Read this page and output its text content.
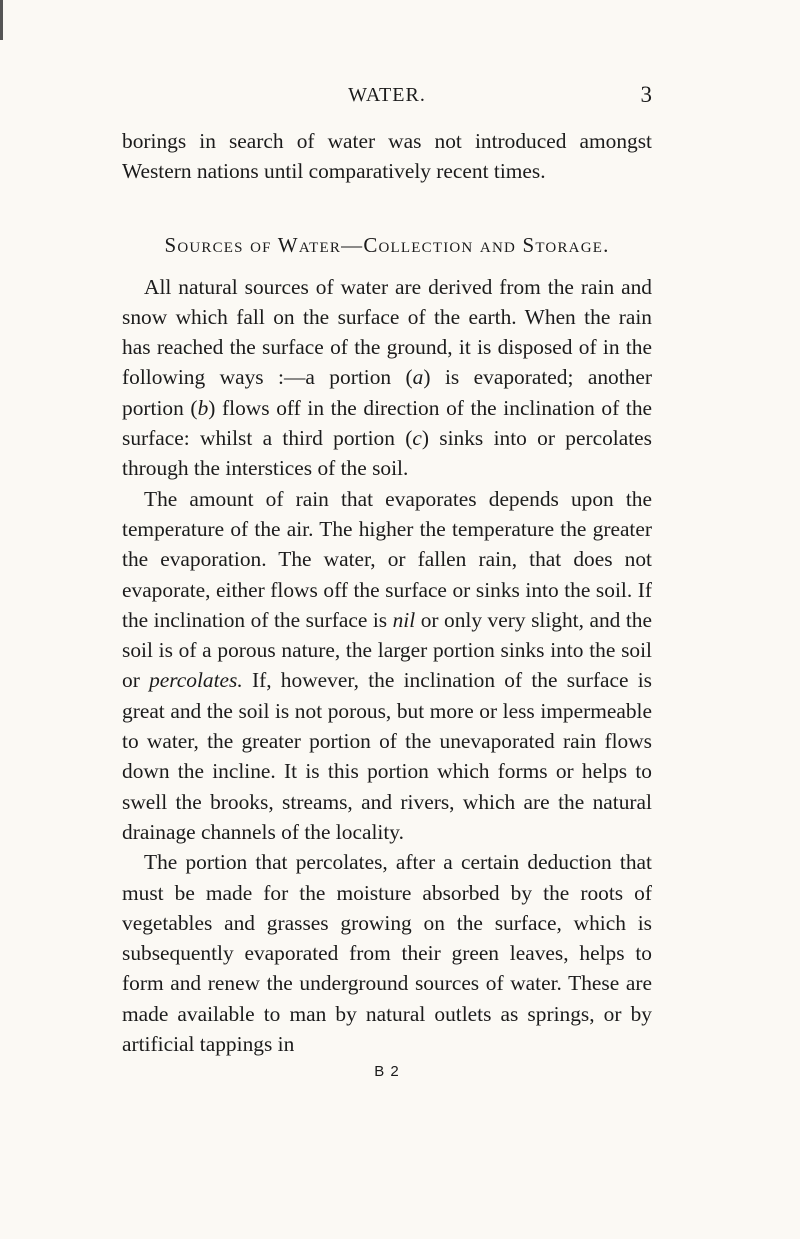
WATER.	3

borings in search of water was not introduced amongst Western nations until comparatively recent times.

Sources of Water—Collection and Storage.

All natural sources of water are derived from the rain and snow which fall on the surface of the earth. When the rain has reached the surface of the ground, it is disposed of in the following ways :—a portion (a) is evaporated; another portion (b) flows off in the direction of the inclination of the surface: whilst a third portion (c) sinks into or percolates through the interstices of the soil.

The amount of rain that evaporates depends upon the temperature of the air. The higher the temperature the greater the evaporation. The water, or fallen rain, that does not evaporate, either flows off the surface or sinks into the soil. If the inclination of the surface is nil or only very slight, and the soil is of a porous nature, the larger portion sinks into the soil or percolates. If, however, the inclination of the surface is great and the soil is not porous, but more or less impermeable to water, the greater portion of the unevaporated rain flows down the incline. It is this portion which forms or helps to swell the brooks, streams, and rivers, which are the natural drainage channels of the locality.

The portion that percolates, after a certain deduction that must be made for the moisture absorbed by the roots of vegetables and grasses growing on the surface, which is subsequently evaporated from their green leaves, helps to form and renew the underground sources of water. These are made available to man by natural outlets as springs, or by artificial tappings in

B 2
